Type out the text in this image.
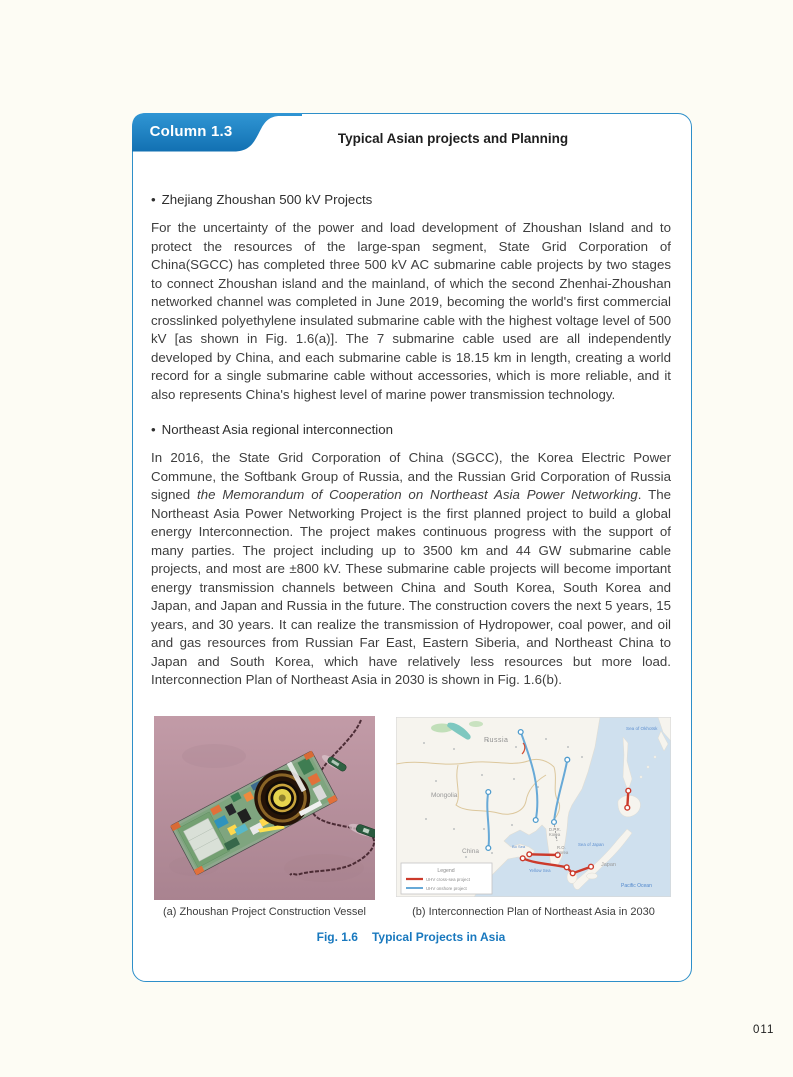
Column 1.3	Typical Asian projects and Planning
• Zhejiang Zhoushan 500 kV Projects

For the uncertainty of the power and load development of Zhoushan Island and to protect the resources of the large-span segment, State Grid Corporation of China(SGCC) has completed three 500 kV AC submarine cable projects by two stages to connect Zhoushan island and the mainland, of which the second Zhenhai-Zhoushan networked channel was completed in June 2019, becoming the world's first commercial crosslinked polyethylene insulated submarine cable with the highest voltage level of 500 kV [as shown in Fig. 1.6(a)]. The 7 submarine cable used are all independently developed by China, and each submarine cable is 18.15 km in length, creating a world record for a single submarine cable without accessories, which is more reliable, and it also represents China's highest level of marine power transmission technology.

• Northeast Asia regional interconnection

In 2016, the State Grid Corporation of China (SGCC), the Korea Electric Power Commune, the Softbank Group of Russia, and the Russian Grid Corporation of Russia signed the Memorandum of Cooperation on Northeast Asia Power Networking. The Northeast Asia Power Networking Project is the first planned project to build a global energy Interconnection. The project makes continuous progress with the support of many parties. The project including up to 3500 km and 44 GW submarine cable projects, and most are ±800 kV. These submarine cable projects will become important energy transmission channels between China and South Korea, South Korea and Japan, and Japan and Russia in the future. The construction covers the next 5 years, 15 years, and 30 years. It can realize the transmission of Hydropower, coal power, and oil and gas resources from Russian Far East, Eastern Siberia, and Northeast China to Japan and South Korea, which have relatively less resources but more load. Interconnection Plan of Northeast Asia in 2030 is shown in Fig. 1.6(b).

Russia
Mongolia
China
D.P.R.
Korea
R.O.
Korea
Japan
Sea of Okhotsk
Sea of Japan
Bo Sea
Yellow Sea
Pacific Ocean
Legend
UHV cross-sea project
UHV onshore project
(a) Zhoushan Project Construction Vessel	(b) Interconnection Plan of Northeast Asia in 2030
Fig. 1.6 Typical Projects in Asia
011
